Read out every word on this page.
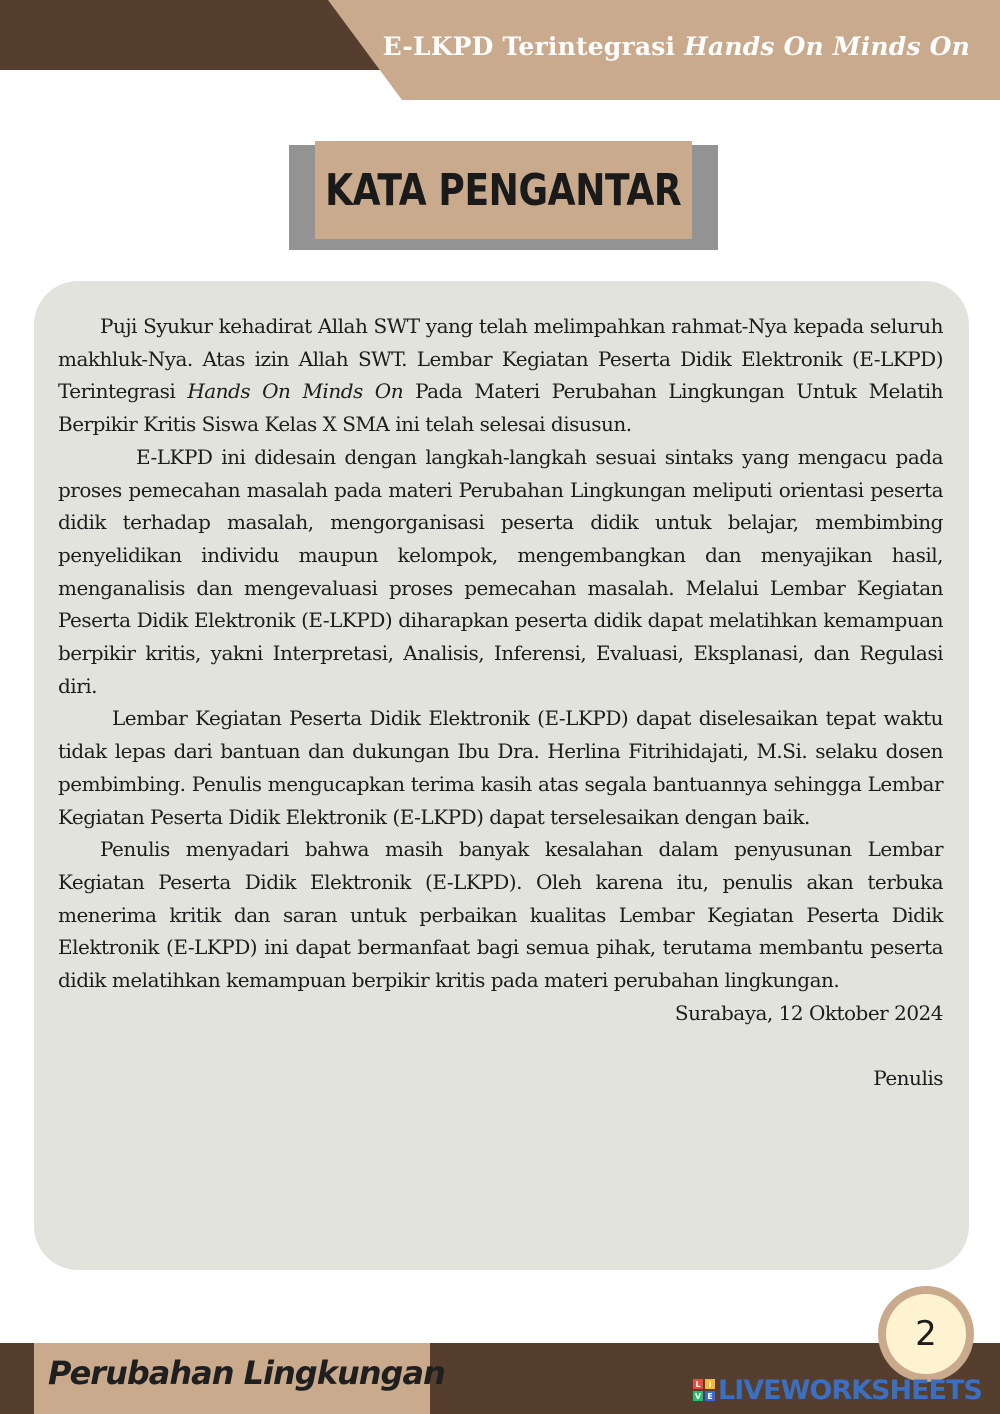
E-LKPD Terintegrasi Hands On Minds On
KATA PENGANTAR

Puji Syukur kehadirat Allah SWT yang telah melimpahkan rahmat-Nya kepada seluruh makhluk-Nya. Atas izin Allah SWT. Lembar Kegiatan Peserta Didik Elektronik (E-LKPD) Terintegrasi Hands On Minds On Pada Materi Perubahan Lingkungan Untuk Melatih Berpikir Kritis Siswa Kelas X SMA ini telah selesai disusun.

E-LKPD ini didesain dengan langkah-langkah sesuai sintaks yang mengacu pada proses pemecahan masalah pada materi Perubahan Lingkungan meliputi orientasi peserta didik terhadap masalah, mengorganisasi peserta didik untuk belajar, membimbing penyelidikan individu maupun kelompok, mengembangkan dan menyajikan hasil, menganalisis dan mengevaluasi proses pemecahan masalah. Melalui Lembar Kegiatan Peserta Didik Elektronik (E-LKPD) diharapkan peserta didik dapat melatihkan kemampuan berpikir kritis, yakni Interpretasi, Analisis, Inferensi, Evaluasi, Eksplanasi, dan Regulasi diri.

Lembar Kegiatan Peserta Didik Elektronik (E-LKPD) dapat diselesaikan tepat waktu tidak lepas dari bantuan dan dukungan Ibu Dra. Herlina Fitrihidajati, M.Si. selaku dosen pembimbing. Penulis mengucapkan terima kasih atas segala bantuannya sehingga Lembar Kegiatan Peserta Didik Elektronik (E-LKPD) dapat terselesaikan dengan baik.

Penulis menyadari bahwa masih banyak kesalahan dalam penyusunan Lembar Kegiatan Peserta Didik Elektronik (E-LKPD). Oleh karena itu, penulis akan terbuka menerima kritik dan saran untuk perbaikan kualitas Lembar Kegiatan Peserta Didik Elektronik (E-LKPD) ini dapat bermanfaat bagi semua pihak, terutama membantu peserta didik melatihkan kemampuan berpikir kritis pada materi perubahan lingkungan.

Surabaya, 12 Oktober 2024

Penulis

Perubahan Lingkungan
2
L I
V E LIVEWORKSHEETS
